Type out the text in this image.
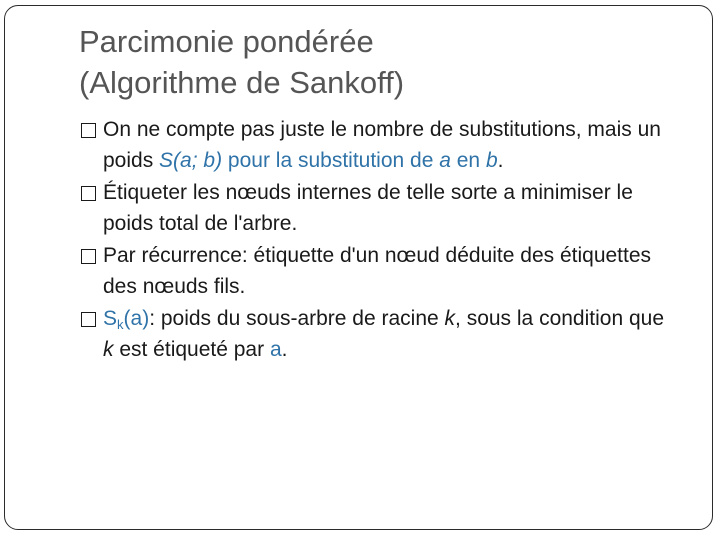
Parcimonie pondérée
(Algorithme de Sankoff)
On ne compte pas juste le nombre de substitutions, mais un poids S(a; b) pour la substitution de a en b.
Étiqueter les nœuds internes de telle sorte a minimiser le poids total de l'arbre.
Par récurrence: étiquette d'un nœud déduite des étiquettes des nœuds fils.
$S_k(a)$: poids du sous-arbre de racine k, sous la condition que k est étiqueté par a.
